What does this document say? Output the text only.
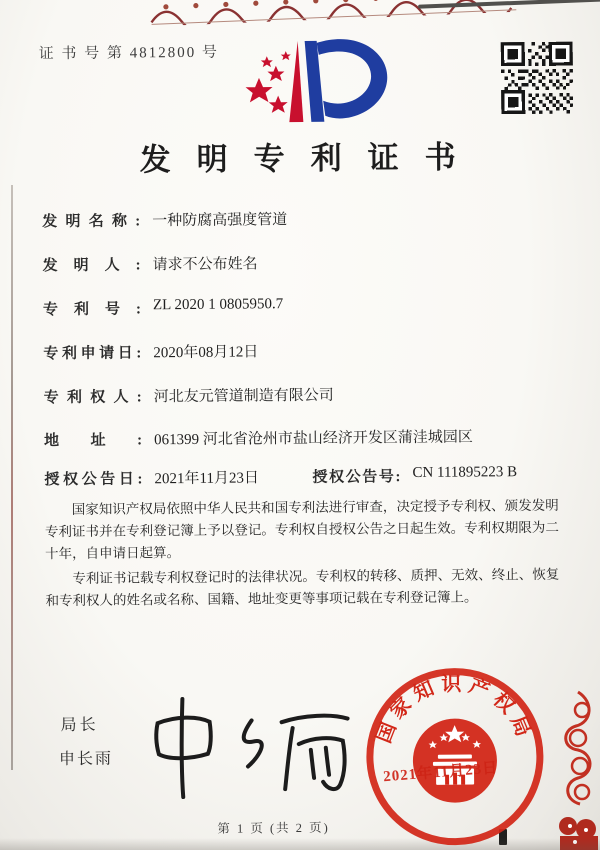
证 书 号 第 4812800 号
发明专利证书
发明名称: 一种防腐高强度管道
发明人: 请求不公布姓名
专利号: ZL 2020 1 0805950.7
专利申请日: 2020年08月12日
专利权人: 河北友元管道制造有限公司
地址: 061399 河北省沧州市盐山经济开发区蒲洼城园区
授权公告日: 2021年11月23日	授权公告号: CN 111895223 B

国家知识产权局依照中华人民共和国专利法进行审查，决定授予专利权、颁发发明专利证书并在专利登记簿上予以登记。专利权自授权公告之日起生效。专利权期限为二十年，自申请日起算。

专利证书记载专利权登记时的法律状况。专利权的转移、质押、无效、终止、恢复和专利权人的姓名或名称、国籍、地址变更等事项记载在专利登记簿上。

局长
申长雨
国家知识产权局
2021年11月23日
第 1 页 (共 2 页)
